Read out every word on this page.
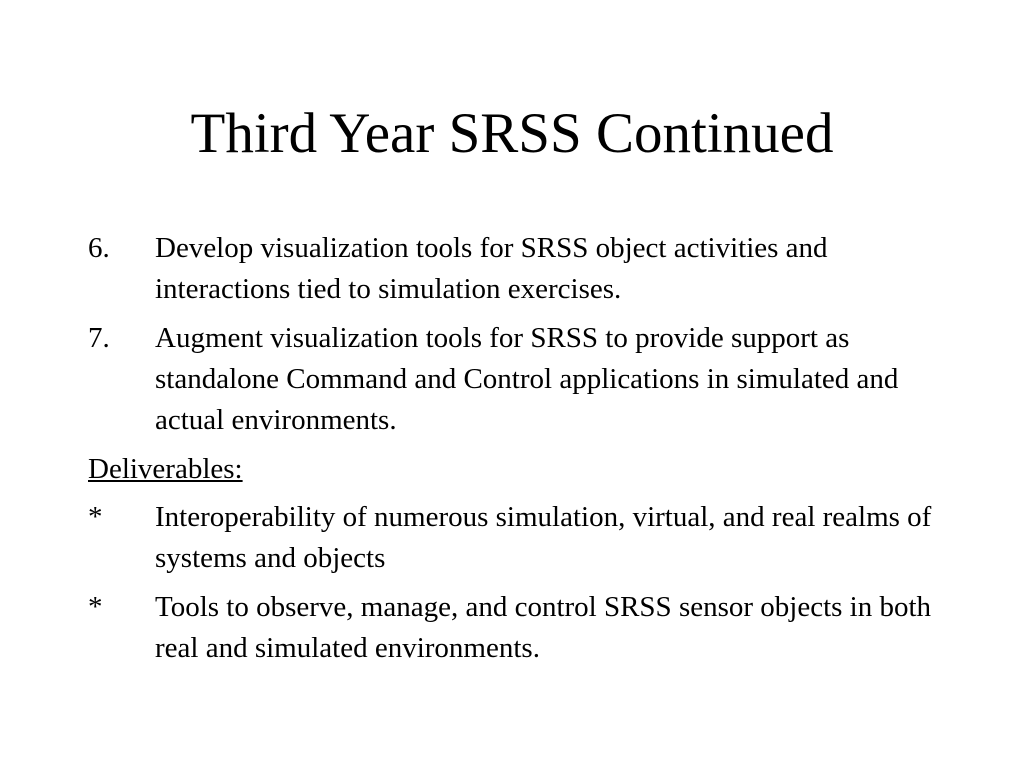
Third Year SRSS Continued
6. Develop visualization tools for SRSS object activities and interactions tied to simulation exercises.
7. Augment visualization tools for SRSS to provide support as standalone Command and Control applications in simulated and actual environments.
Deliverables:
* Interoperability of numerous simulation, virtual, and real realms of systems and objects
* Tools to observe, manage, and control SRSS sensor objects in both real and simulated environments.
